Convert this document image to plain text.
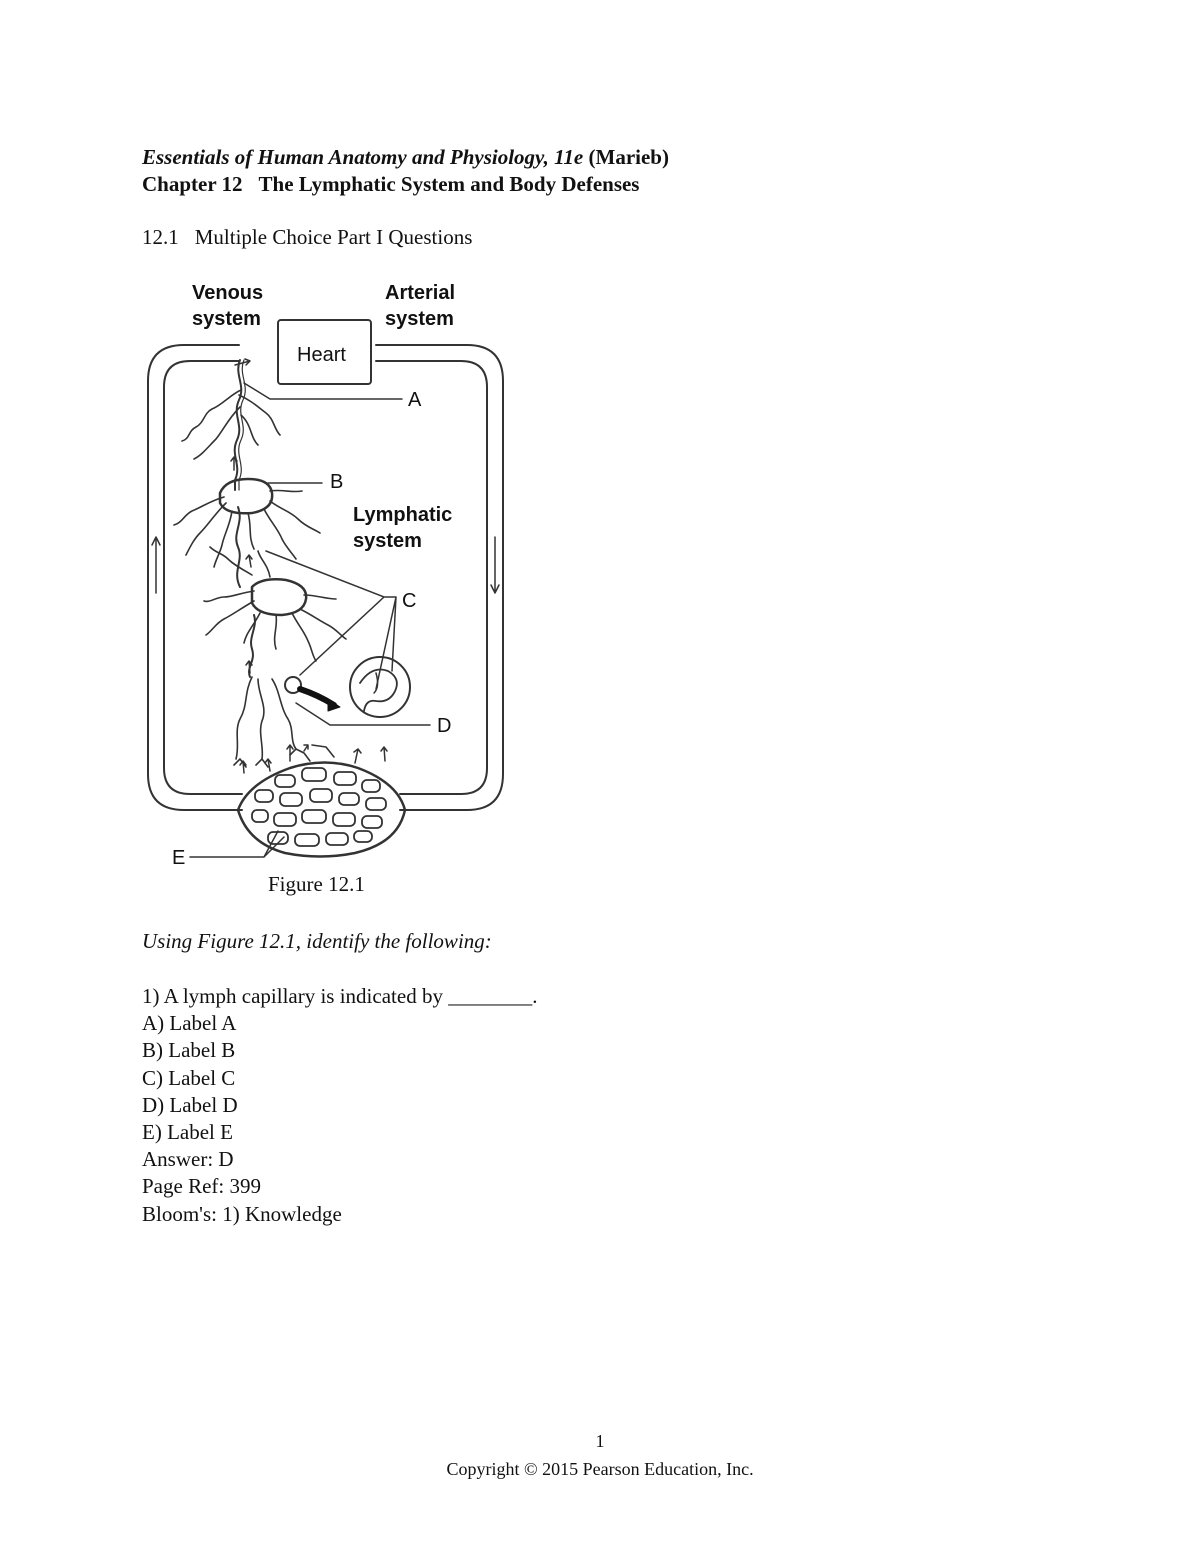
Essentials of Human Anatomy and Physiology, 11e (Marieb)
Chapter 12 The Lymphatic System and Body Defenses
12.1 Multiple Choice Part I Questions
Venous
system
Arterial
system
Heart
Lymphatic
system
A
B
C
D
E
Figure 12.1
Using Figure 12.1, identify the following:
1) A lymph capillary is indicated by ________.
A) Label A
B) Label B
C) Label C
D) Label D
E) Label E
Answer: D
Page Ref: 399
Bloom's: 1) Knowledge
1
Copyright © 2015 Pearson Education, Inc.
